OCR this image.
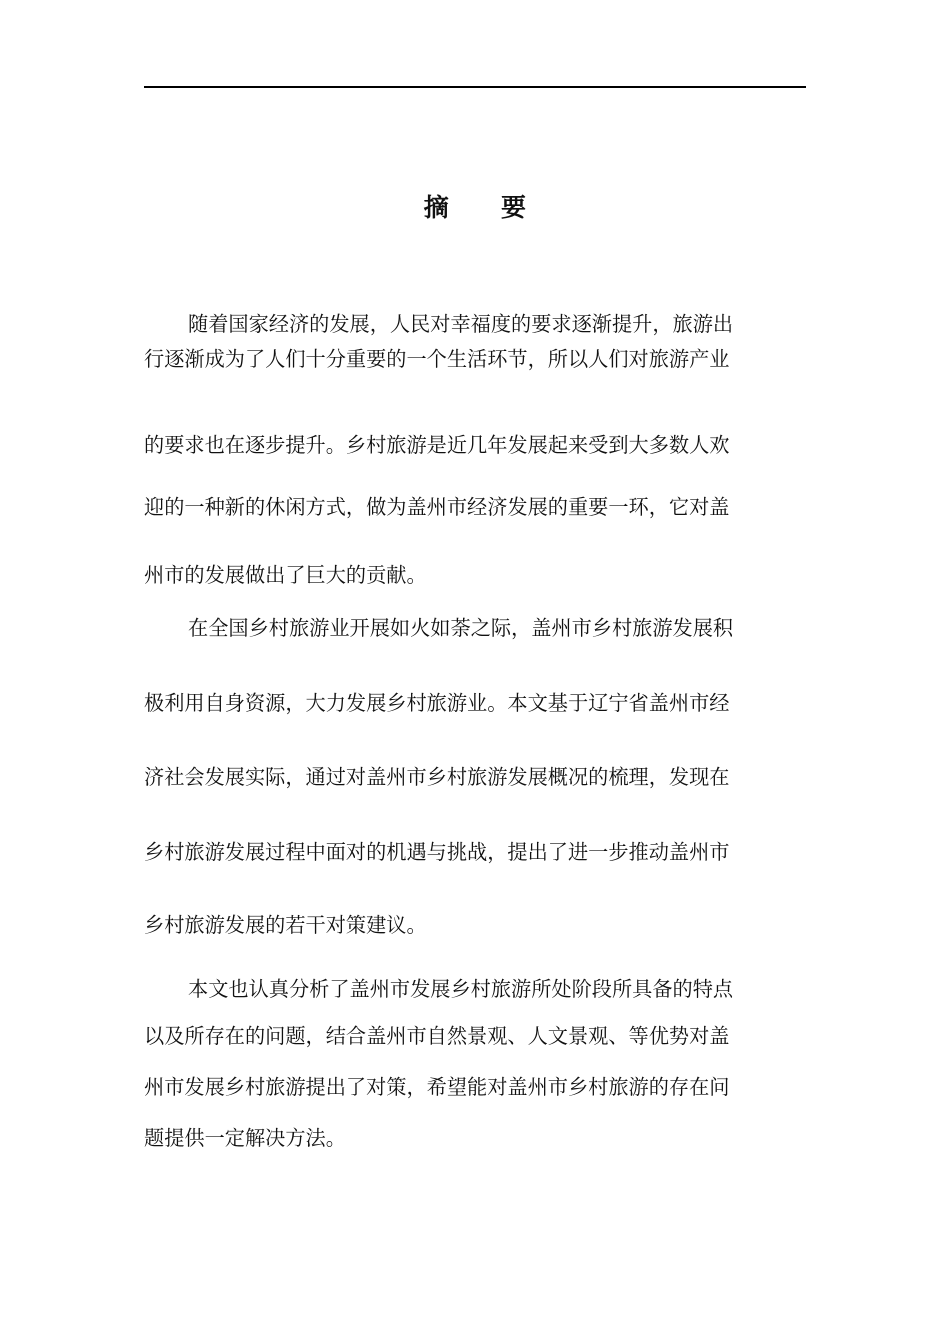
摘 要
随着国家经济的发展，人民对幸福度的要求逐渐提升，旅游出
行逐渐成为了人们十分重要的一个生活环节，所以人们对旅游产业
的要求也在逐步提升。乡村旅游是近几年发展起来受到大多数人欢
迎的一种新的休闲方式，做为盖州市经济发展的重要一环，它对盖
州市的发展做出了巨大的贡献。
在全国乡村旅游业开展如火如荼之际，盖州市乡村旅游发展积
极利用自身资源，大力发展乡村旅游业。本文基于辽宁省盖州市经
济社会发展实际，通过对盖州市乡村旅游发展概况的梳理，发现在
乡村旅游发展过程中面对的机遇与挑战，提出了进一步推动盖州市
乡村旅游发展的若干对策建议。
本文也认真分析了盖州市发展乡村旅游所处阶段所具备的特点
以及所存在的问题，结合盖州市自然景观、人文景观、等优势对盖
州市发展乡村旅游提出了对策，希望能对盖州市乡村旅游的存在问
题提供一定解决方法。
